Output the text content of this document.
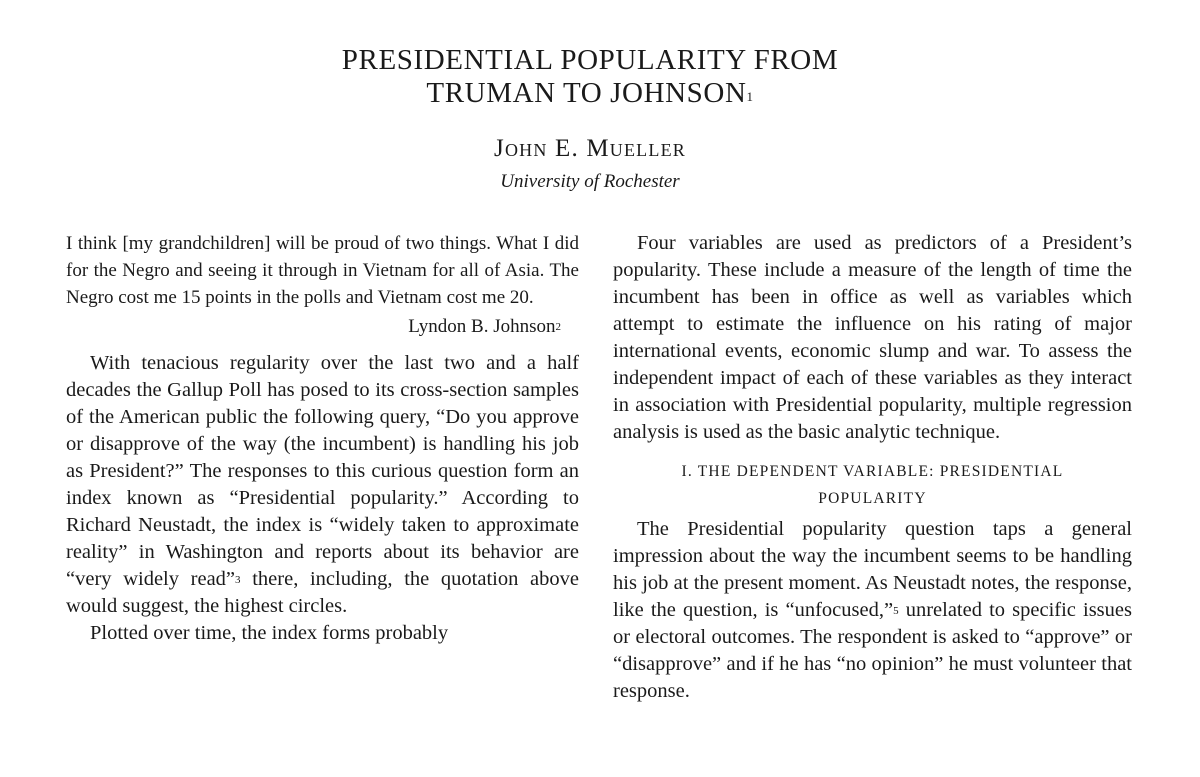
PRESIDENTIAL POPULARITY FROM
TRUMAN TO JOHNSON$^1$
John E. Mueller
University of Rochester

I think [my grandchildren] will be proud of two things. What I did for the Negro and seeing it through in Vietnam for all of Asia. The Negro cost me 15 points in the polls and Vietnam cost me 20.

Lyndon B. Johnson$^2$

With tenacious regularity over the last two and a half decades the Gallup Poll has posed to its cross-section samples of the American public the following query, “Do you approve or disapprove of the way (the incumbent) is handling his job as President?” The responses to this curious question form an index known as “Presidential popularity.” According to Richard Neustadt, the index is “widely taken to approximate reality” in Washington and reports about its behavior are “very widely read”$^3$ there, including, the quotation above would suggest, the highest circles.

Plotted over time, the index forms probably

Four variables are used as predictors of a President’s popularity. These include a measure of the length of time the incumbent has been in office as well as variables which attempt to estimate the influence on his rating of major international events, economic slump and war. To assess the independent impact of each of these variables as they interact in association with Presidential popularity, multiple regression analysis is used as the basic analytic technique.

I. THE DEPENDENT VARIABLE: PRESIDENTIAL
POPULARITY

The Presidential popularity question taps a general impression about the way the incumbent seems to be handling his job at the present moment. As Neustadt notes, the response, like the question, is “unfocused,”$^5$ unrelated to specific issues or electoral outcomes. The respondent is asked to “approve” or “disapprove” and if he has “no opinion” he must volunteer that response.
